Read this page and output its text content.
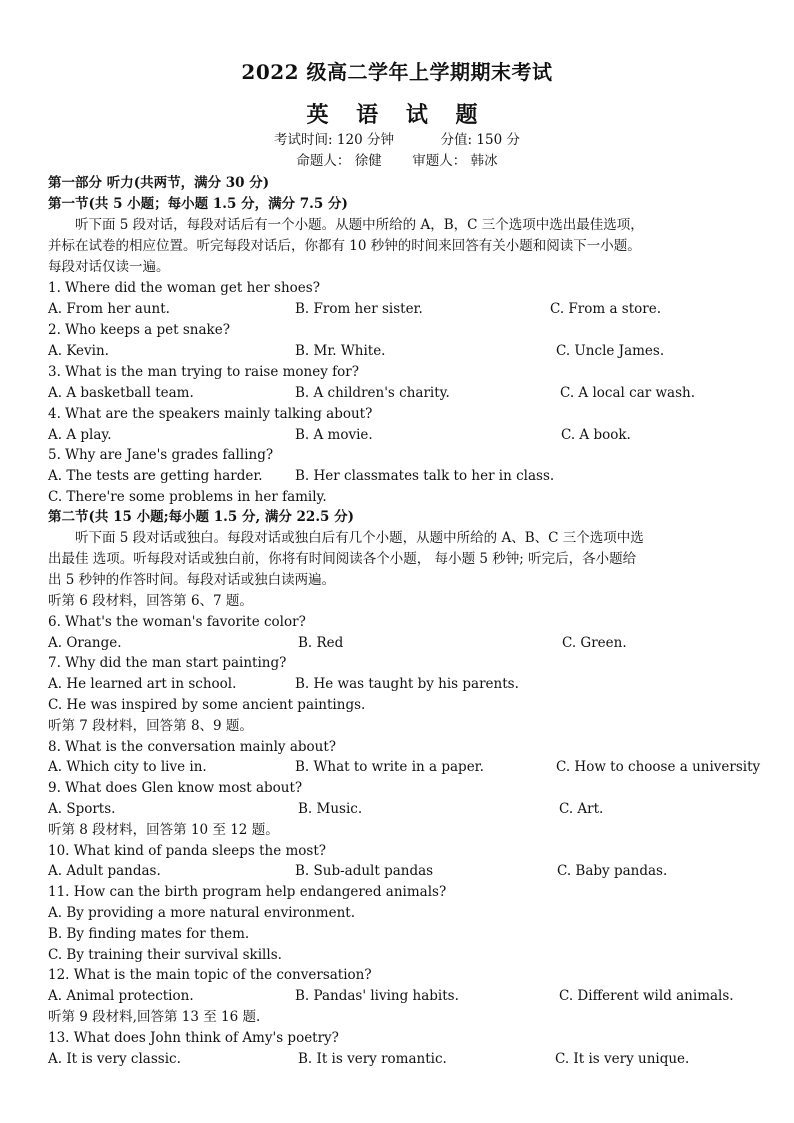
2022 级高二学年上学期期末考试
英 语 试 题
考试时间: 120 分钟	分值: 150 分
命题人： 徐健 审题人： 韩冰
第一部分 听力(共两节，满分 30 分)
第一节(共 5 小题；每小题 1.5 分，满分 7.5 分)
听下面 5 段对话，每段对话后有一个小题。从题中所给的 A，B，C 三个选项中选出最佳选项，
并标在试卷的相应位置。听完每段对话后，你都有 10 秒钟的时间来回答有关小题和阅读下一小题。
每段对话仅读一遍。
1. Where did the woman get her shoes?
A. From her aunt.	B. From her sister.	C. From a store.
2. Who keeps a pet snake?
A. Kevin.	B. Mr. White.	C. Uncle James.
3. What is the man trying to raise money for?
A. A basketball team.	B. A children's charity.	C. A local car wash.
4. What are the speakers mainly talking about?
A. A play.	B. A movie.	C. A book.
5. Why are Jane's grades falling?
A. The tests are getting harder. B. Her classmates talk to her in class.
C. There're some problems in her family.
第二节(共 15 小题;每小题 1.5 分, 满分 22.5 分)
听下面 5 段对话或独白。每段对话或独白后有几个小题，从题中所给的 A、B、C 三个选项中选
出最佳 选项。听每段对话或独白前，你将有时间阅读各个小题， 每小题 5 秒钟; 听完后，各小题给
出 5 秒钟的作答时间。每段对话或独白读两遍。
听第 6 段材料，回答第 6、7 题。
6. What's the woman's favorite color?
A. Orange.	B. Red	C. Green.
7. Why did the man start painting?
A. He learned art in school.	B. He was taught by his parents.
C. He was inspired by some ancient paintings.
听第 7 段材料，回答第 8、9 题。
8. What is the conversation mainly about?
A. Which city to live in.	B. What to write in a paper.	C. How to choose a university
9. What does Glen know most about?
A. Sports.	B. Music.	C. Art.
听第 8 段材料，回答第 10 至 12 题。
10. What kind of panda sleeps the most?
A. Adult pandas.	B. Sub-adult pandas	C. Baby pandas.
11. How can the birth program help endangered animals?
A. By providing a more natural environment.
B. By finding mates for them.
C. By training their survival skills.
12. What is the main topic of the conversation?
A. Animal protection.	B. Pandas' living habits.	C. Different wild animals.
听第 9 段材料,回答第 13 至 16 题.
13. What does John think of Amy's poetry?
A. It is very classic.	B. It is very romantic.	C. It is very unique.
